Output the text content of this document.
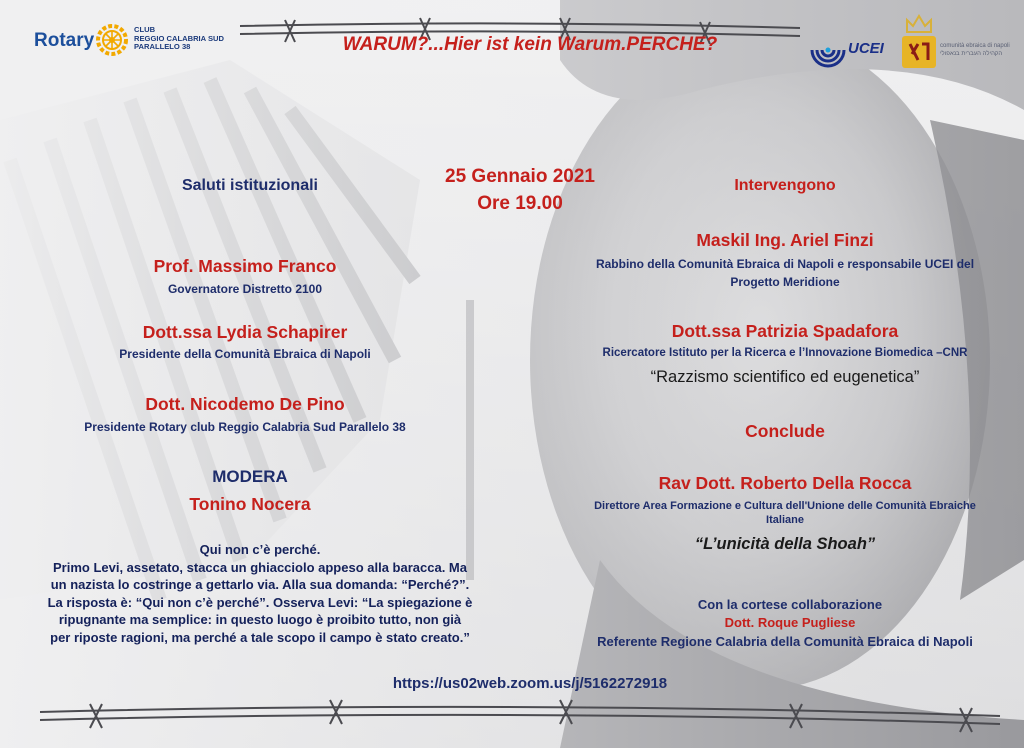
Rotary
CLUB
REGGIO CALABRIA SUD
PARALLELO 38	WARUM?...Hier ist kein Warum.PERCHE?	UCEI	comunità ebraica di napoli
הקהילה העברית בנאפולי
25 Gennaio 2021
Ore 19.00
Saluti istituzionali
Prof. Massimo Franco
Governatore Distretto 2100
Dott.ssa Lydia Schapirer
Presidente della Comunità Ebraica di Napoli
Dott. Nicodemo De Pino
Presidente Rotary club Reggio Calabria Sud Parallelo 38
MODERA
Tonino Nocera
Qui non c’è perché.
Primo Levi, assetato, stacca un ghiacciolo appeso alla baracca. Ma
un nazista lo costringe a gettarlo via. Alla sua domanda: “Perché?”.
La risposta è: “Qui non c’è perché”. Osserva Levi: “La spiegazione è
ripugnante ma semplice: in questo luogo è proibito tutto, non già
per riposte ragioni, ma perché a tale scopo il campo è stato creato.”
Intervengono
Maskil Ing. Ariel Finzi
Rabbino della Comunità Ebraica di Napoli e responsabile UCEI del
Progetto Meridione
Dott.ssa Patrizia Spadafora
Ricercatore Istituto per la Ricerca e l’Innovazione Biomedica –CNR
“Razzismo scientifico ed eugenetica”
Conclude
Rav Dott. Roberto Della Rocca
Direttore Area Formazione e Cultura dell'Unione delle Comunità Ebraiche
Italiane
“L’unicità della Shoah”
Con la cortese collaborazione
Dott. Roque Pugliese
Referente Regione Calabria della Comunità Ebraica di Napoli
https://us02web.zoom.us/j/5162272918
